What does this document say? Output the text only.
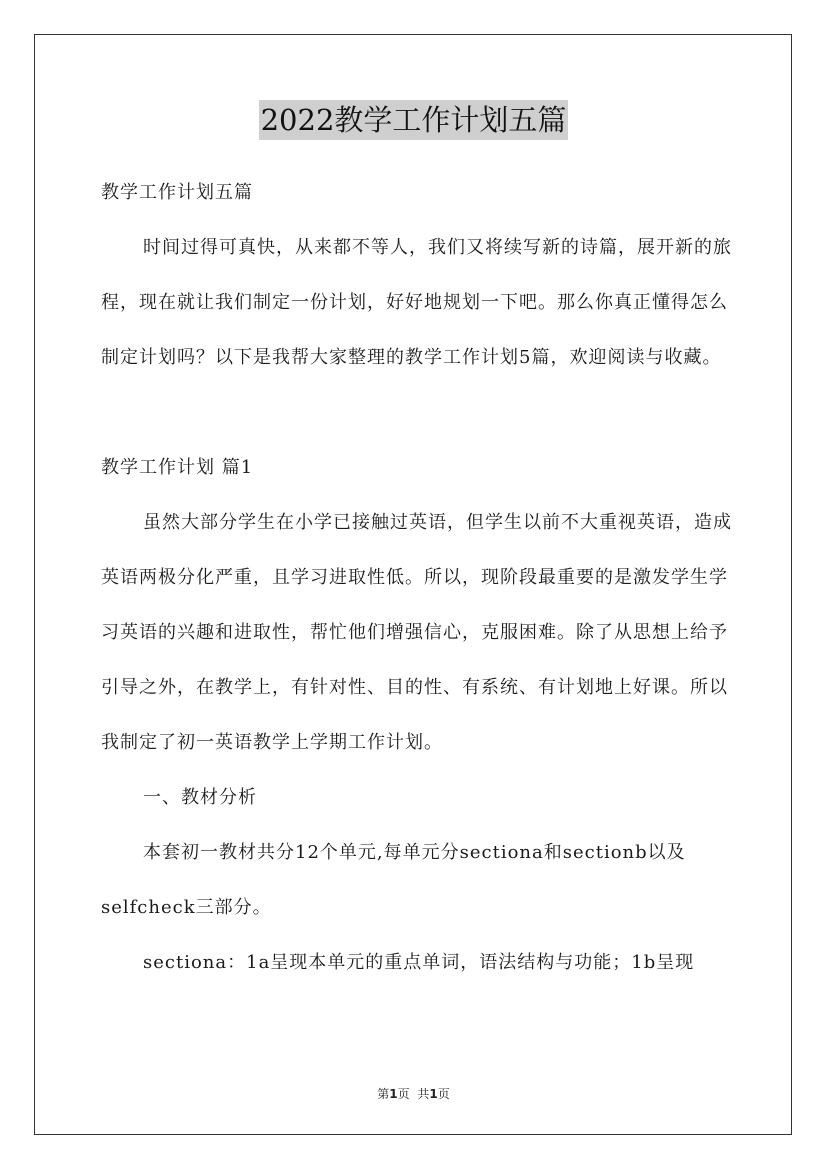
2022教学工作计划五篇

教学工作计划五篇

时间过得可真快，从来都不等人，我们又将续写新的诗篇，展开新的旅程，现在就让我们制定一份计划，好好地规划一下吧。那么你真正懂得怎么制定计划吗？以下是我帮大家整理的教学工作计划5篇，欢迎阅读与收藏。

教学工作计划 篇1

虽然大部分学生在小学已接触过英语，但学生以前不大重视英语，造成英语两极分化严重，且学习进取性低。所以，现阶段最重要的是激发学生学习英语的兴趣和进取性，帮忙他们增强信心，克服困难。除了从思想上给予引导之外，在教学上，有针对性、目的性、有系统、有计划地上好课。所以我制定了初一英语教学上学期工作计划。

一、教材分析

本套初一教材共分12个单元,每单元分sectiona和sectionb以及selfcheck三部分。

sectiona：1a呈现本单元的重点单词，语法结构与功能；1b呈现

第1页 共1页
